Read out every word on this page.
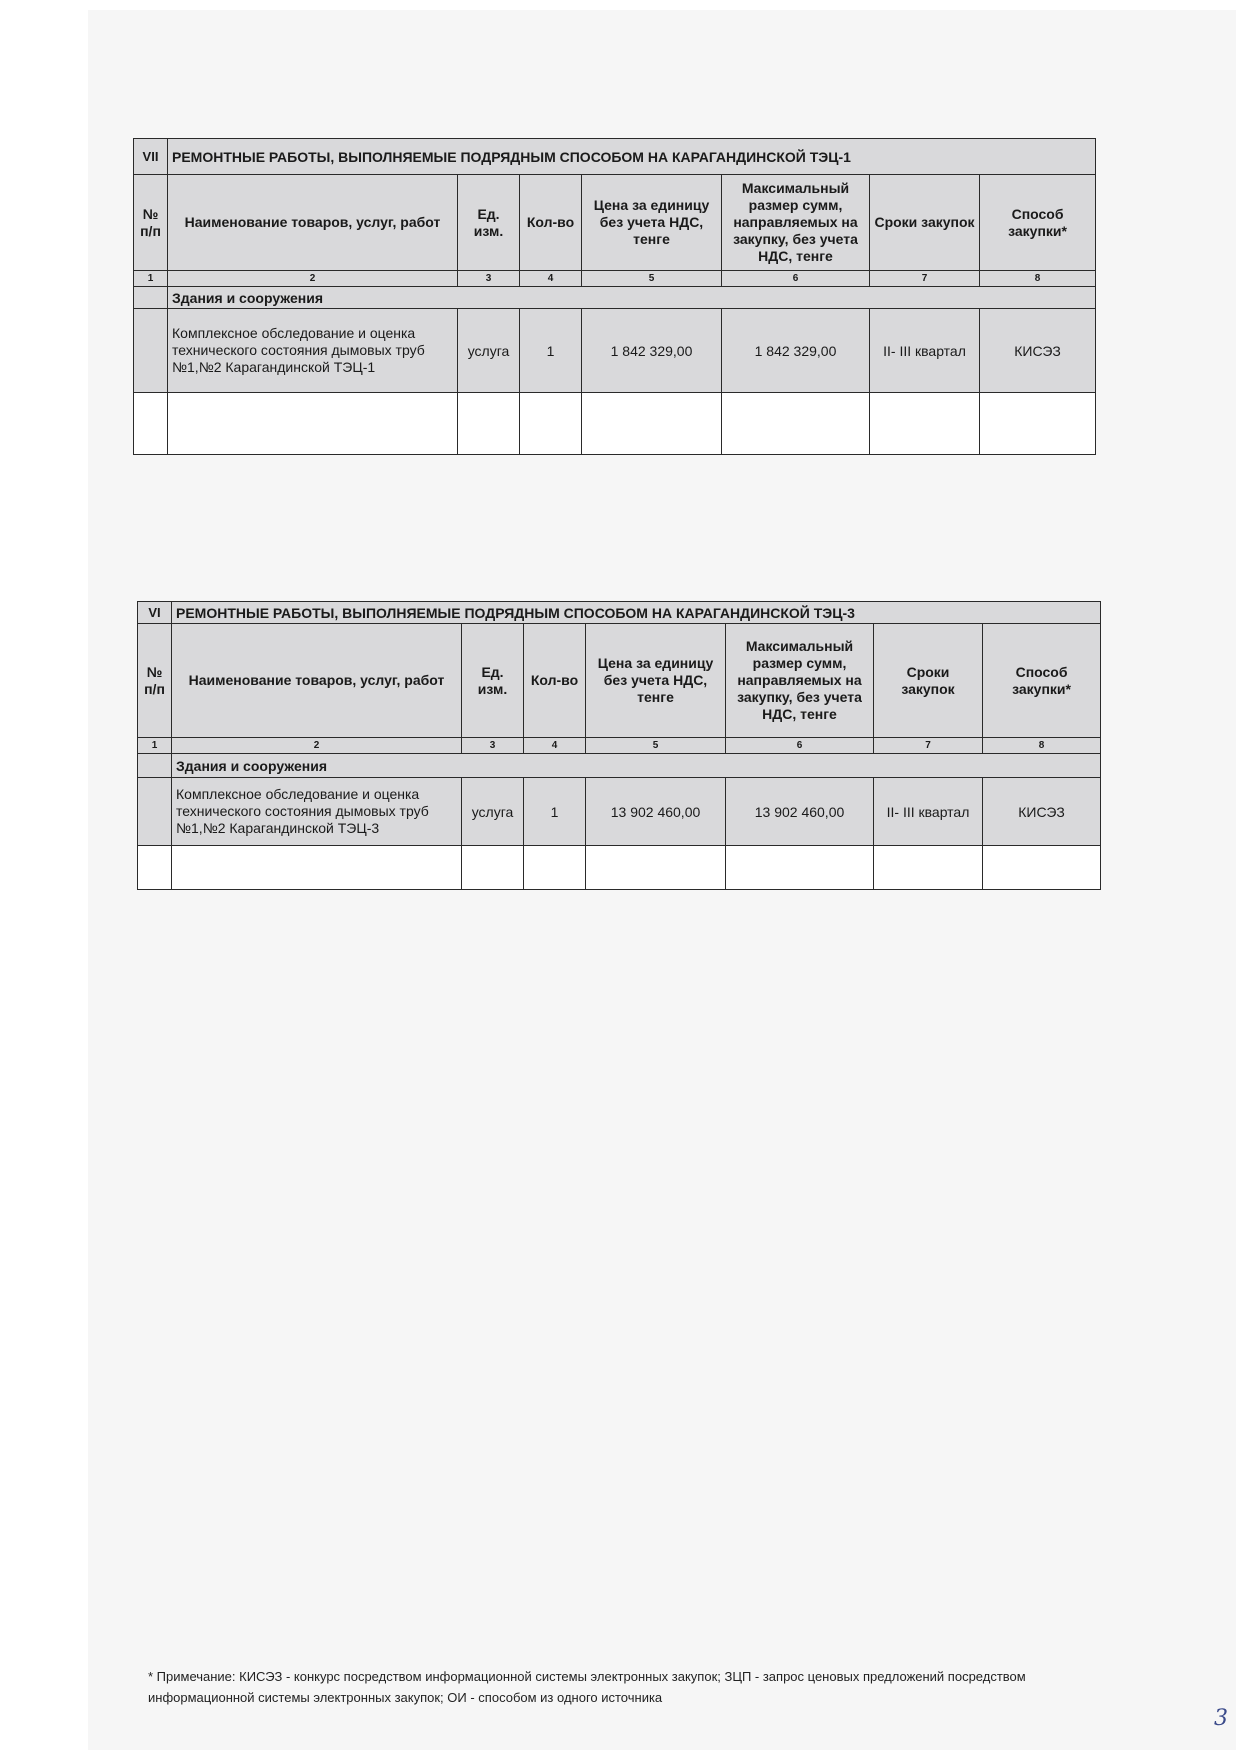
VII	РЕМОНТНЫЕ РАБОТЫ, ВЫПОЛНЯЕМЫЕ ПОДРЯДНЫМ СПОСОБОМ НА КАРАГАНДИНСКОЙ ТЭЦ-1						
№ п/п	Наименование товаров, услуг, работ	Ед. изм.	Кол-во	Цена за единицу без учета НДС, тенге	Максимальный размер сумм, направляемых на закупку, без учета НДС, тенге	Сроки закупок	Способ закупки*
1	2	3	4	5	6	7	8
	Здания и сооружения						
	Комплексное обследование и оценка технического состояния дымовых труб №1,№2 Карагандинской ТЭЦ-1	услуга	1	1 842 329,00	1 842 329,00	II- III квартал	КИСЭЗ

VI	РЕМОНТНЫЕ РАБОТЫ, ВЫПОЛНЯЕМЫЕ ПОДРЯДНЫМ СПОСОБОМ НА КАРАГАНДИНСКОЙ ТЭЦ-3						
№ п/п	Наименование товаров, услуг, работ	Ед. изм.	Кол-во	Цена за единицу без учета НДС, тенге	Максимальный размер сумм, направляемых на закупку, без учета НДС, тенге	Сроки закупок	Способ закупки*
1	2	3	4	5	6	7	8
	Здания и сооружения						
	Комплексное обследование и оценка технического состояния дымовых труб №1,№2 Карагандинской ТЭЦ-3	услуга	1	13 902 460,00	13 902 460,00	II- III квартал	КИСЭЗ

* Примечание: КИСЭЗ - конкурс посредством информационной системы электронных закупок; ЗЦП - запрос ценовых предложений посредством информационной системы электронных закупок; ОИ - способом из одного источника
3
